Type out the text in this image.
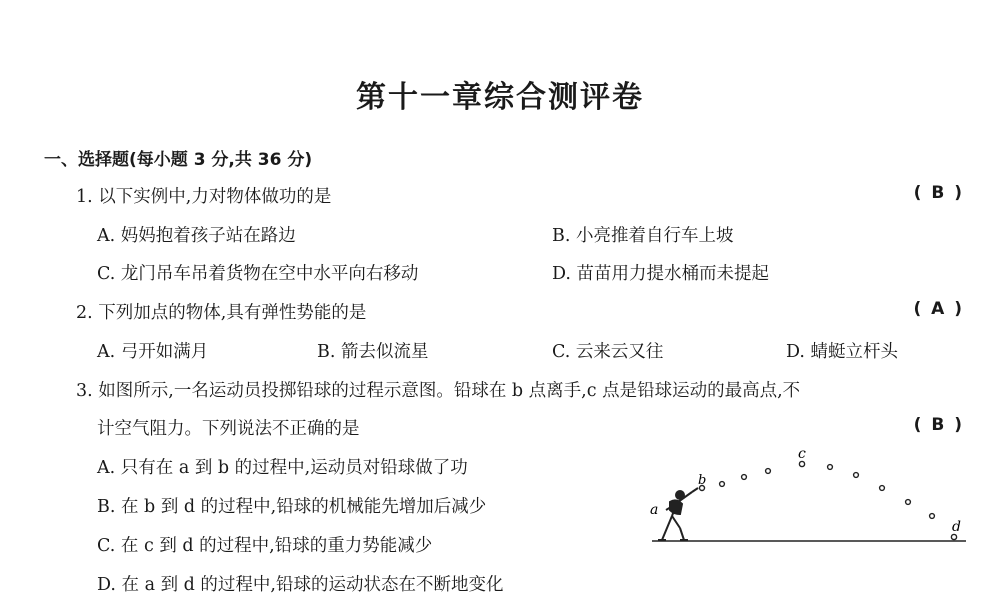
第十一章综合测评卷
一、选择题(每小题 3 分,共 36 分)
1. 以下实例中,力对物体做功的是	( B )
A. 妈妈抱着孩子站在路边	B. 小亮推着自行车上坡
C. 龙门吊车吊着货物在空中水平向右移动	D. 苗苗用力提水桶而未提起
2. 下列加点的物体,具有弹性势能的是	( A )
A. 弓开如满月	B. 箭去似流星	C. 云来云又往	D. 蜻蜓立杆头
3. 如图所示,一名运动员投掷铅球的过程示意图。铅球在 b 点离手,c 点是铅球运动的最高点,不
计空气阻力。下列说法不正确的是	( B )
A. 只有在 a 到 b 的过程中,运动员对铅球做了功
B. 在 b 到 d 的过程中,铅球的机械能先增加后减少
C. 在 c 到 d 的过程中,铅球的重力势能减少
D. 在 a 到 d 的过程中,铅球的运动状态在不断地变化
a
b
c
d
